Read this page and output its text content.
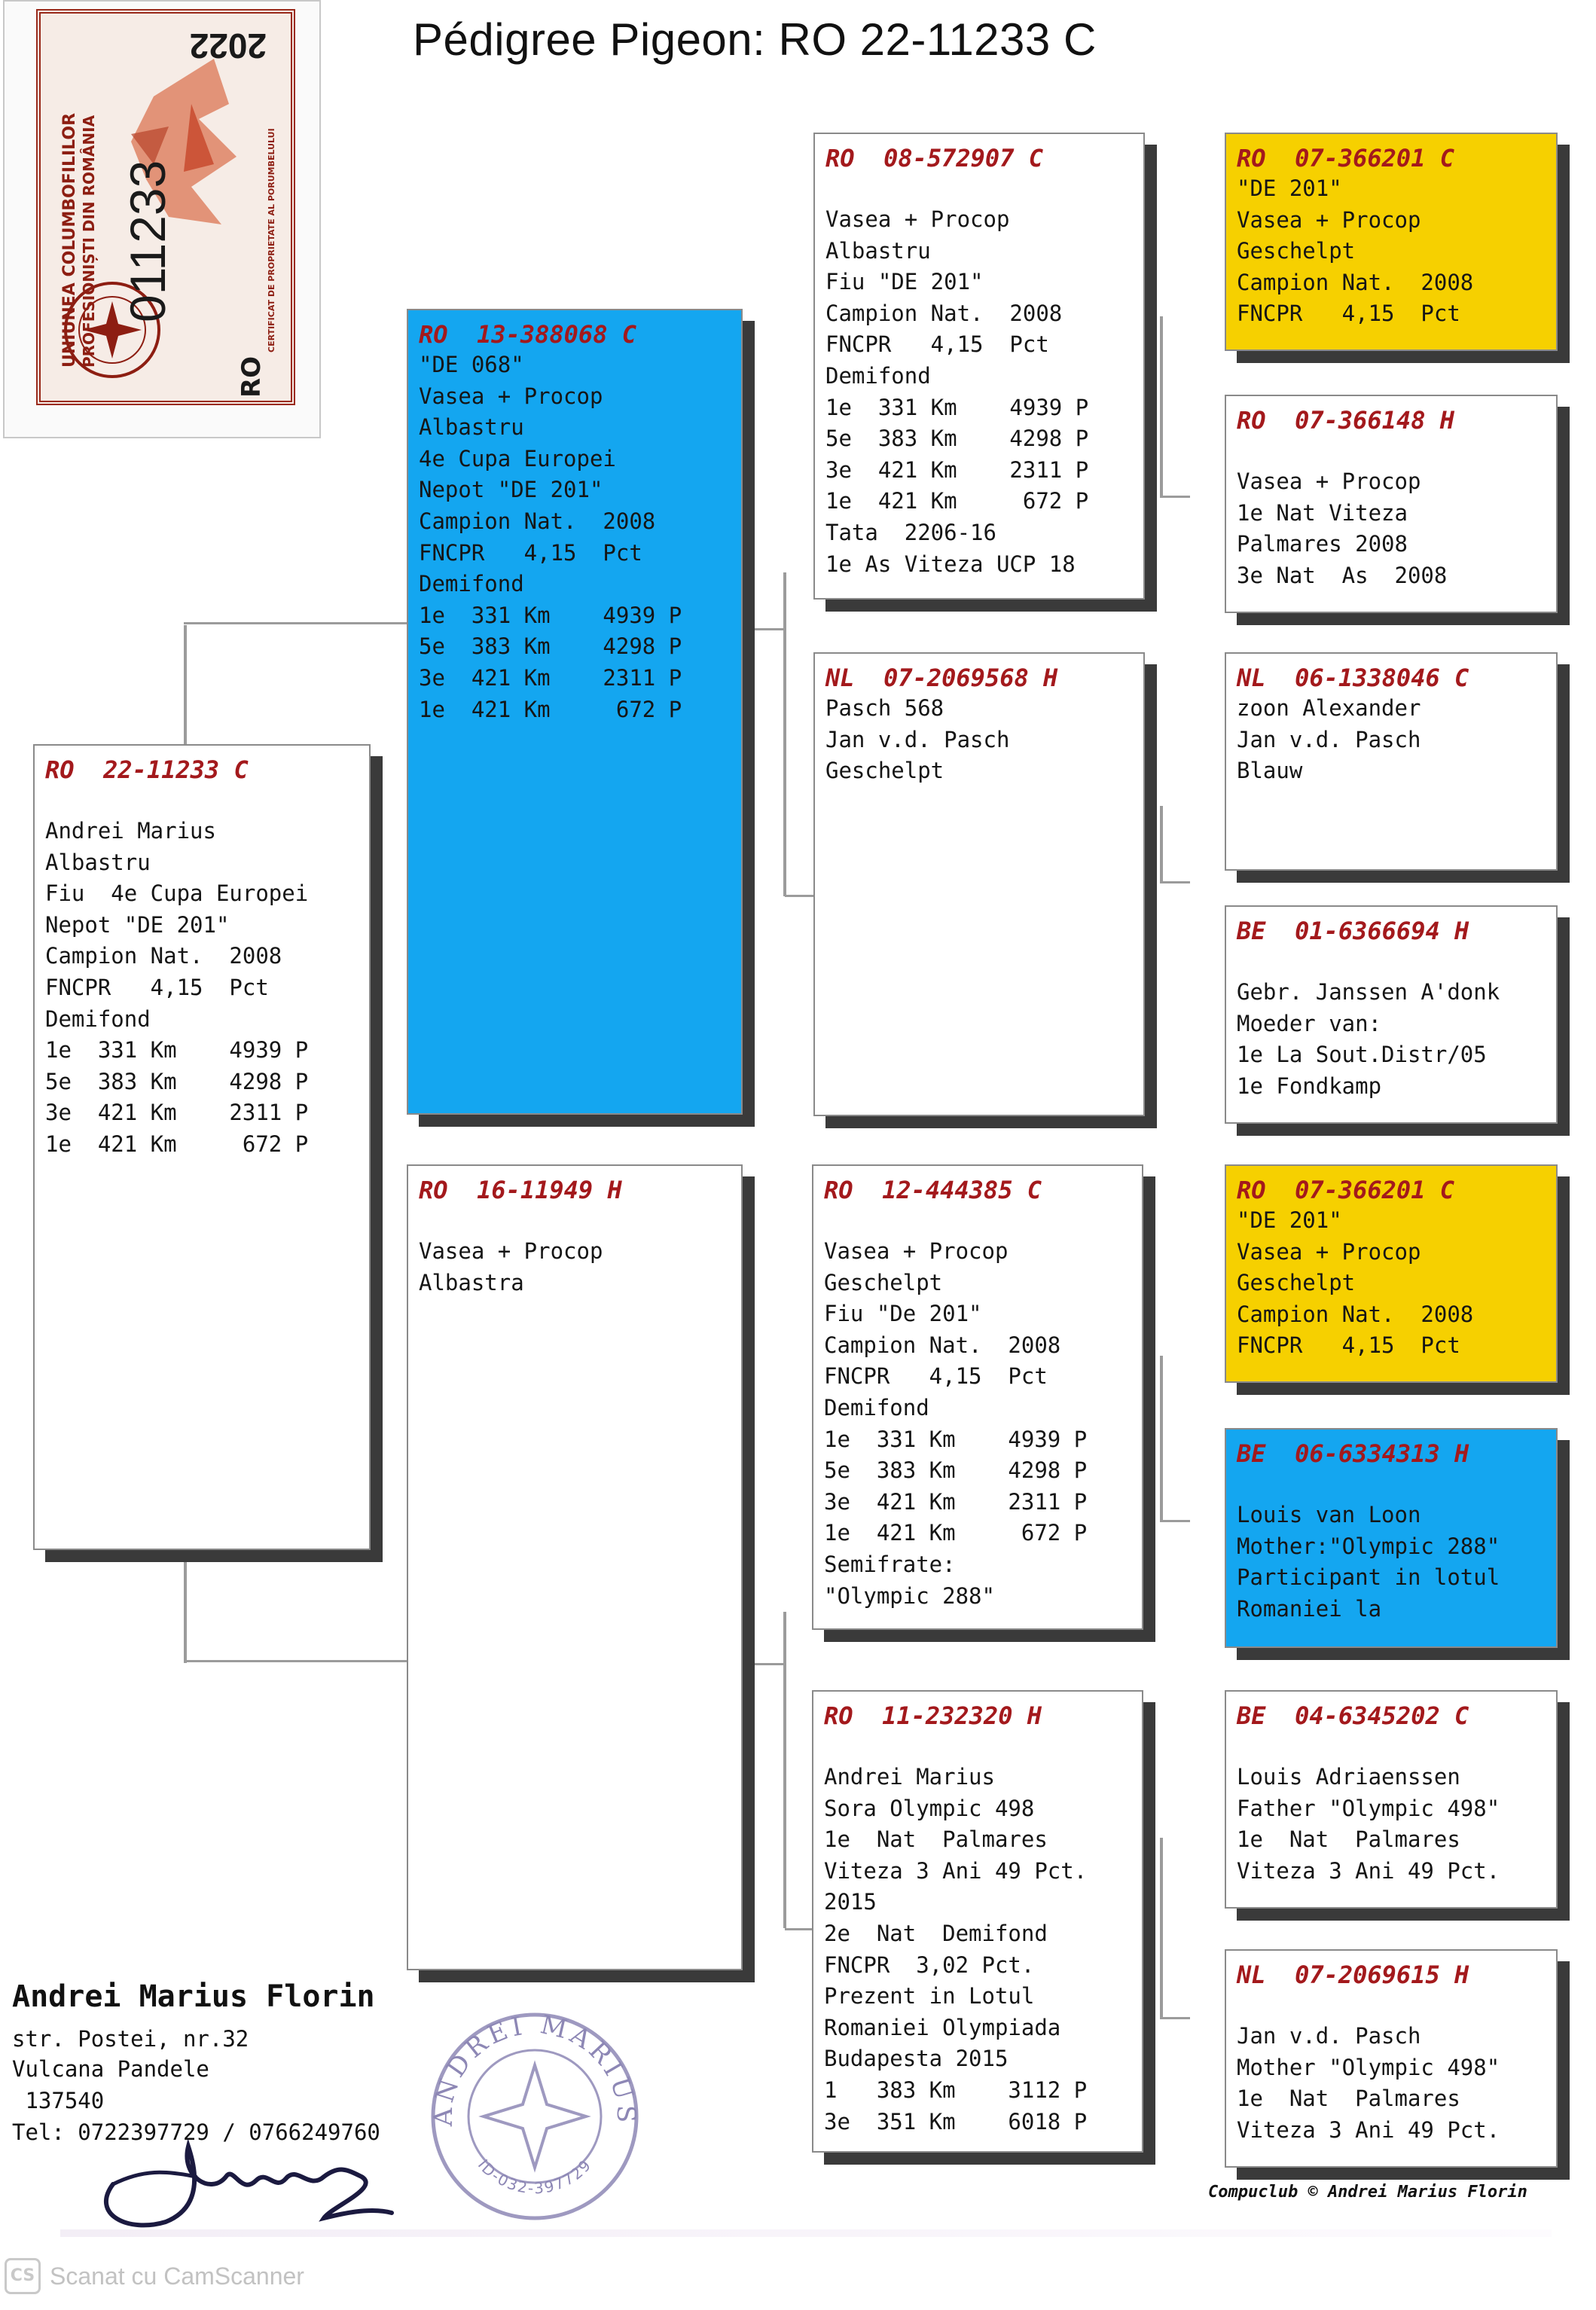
Pédigree Pigeon: RO 22-11233 C
UNIUNEA COLUMBOFILILOR PROFESIONIȘTI DIN ROMÂNIA 011233
2022
RO
CERTIFICAT DE PROPRIETATE AL PORUMBELULUI
RO  22-11233 C
Andrei Marius
Albastru
Fiu  4e Cupa Europei
Nepot "DE 201"
Campion Nat.  2008
FNCPR   4,15  Pct
Demifond
1e  331 Km    4939 P
5e  383 Km    4298 P
3e  421 Km    2311 P
1e  421 Km     672 P
RO  13-388068 C
"DE 068"
Vasea + Procop
Albastru
4e Cupa Europei
Nepot "DE 201"
Campion Nat.  2008
FNCPR   4,15  Pct
Demifond
1e  331 Km    4939 P
5e  383 Km    4298 P
3e  421 Km    2311 P
1e  421 Km     672 P
RO  16-11949 H
Vasea + Procop
Albastra
RO  08-572907 C
Vasea + Procop
Albastru
Fiu "DE 201"
Campion Nat.  2008
FNCPR   4,15  Pct
Demifond
1e  331 Km    4939 P
5e  383 Km    4298 P
3e  421 Km    2311 P
1e  421 Km     672 P
Tata  2206-16
1e As Viteza UCP 18
NL  07-2069568 H
Pasch 568
Jan v.d. Pasch
Geschelpt
RO  12-444385 C
Vasea + Procop
Geschelpt
Fiu "De 201"
Campion Nat.  2008
FNCPR   4,15  Pct
Demifond
1e  331 Km    4939 P
5e  383 Km    4298 P
3e  421 Km    2311 P
1e  421 Km     672 P
Semifrate:
"Olympic 288"
RO  11-232320 H
Andrei Marius
Sora Olympic 498
1e  Nat  Palmares
Viteza 3 Ani 49 Pct.
2015
2e  Nat  Demifond
FNCPR  3,02 Pct.
Prezent in Lotul
Romaniei Olympiada
Budapesta 2015
1   383 Km    3112 P
3e  351 Km    6018 P
RO  07-366201 C
"DE 201"
Vasea + Procop
Geschelpt
Campion Nat.  2008
FNCPR   4,15  Pct
RO  07-366148 H
Vasea + Procop
1e Nat Viteza
Palmares 2008
3e Nat  As  2008
NL  06-1338046 C
zoon Alexander
Jan v.d. Pasch
Blauw
BE  01-6366694 H
Gebr. Janssen A'donk
Moeder van:
1e La Sout.Distr/05
1e Fondkamp
RO  07-366201 C
"DE 201"
Vasea + Procop
Geschelpt
Campion Nat.  2008
FNCPR   4,15  Pct
BE  06-6334313 H
Louis van Loon
Mother:"Olympic 288"
Participant in lotul
Romaniei la
BE  04-6345202 C
Louis Adriaenssen
Father "Olympic 498"
1e  Nat  Palmares
Viteza 3 Ani 49 Pct.
NL  07-2069615 H
Jan v.d. Pasch
Mother "Olympic 498"
1e  Nat  Palmares
Viteza 3 Ani 49 Pct.
Andrei Marius Florin
str. Postei, nr.32
Vulcana Pandele
137540
Tel: 0722397729 / 0766249760
ANDREI MARIUS
ID-032-397729
Compuclub © Andrei Marius Florin
CS Scanat cu CamScanner
